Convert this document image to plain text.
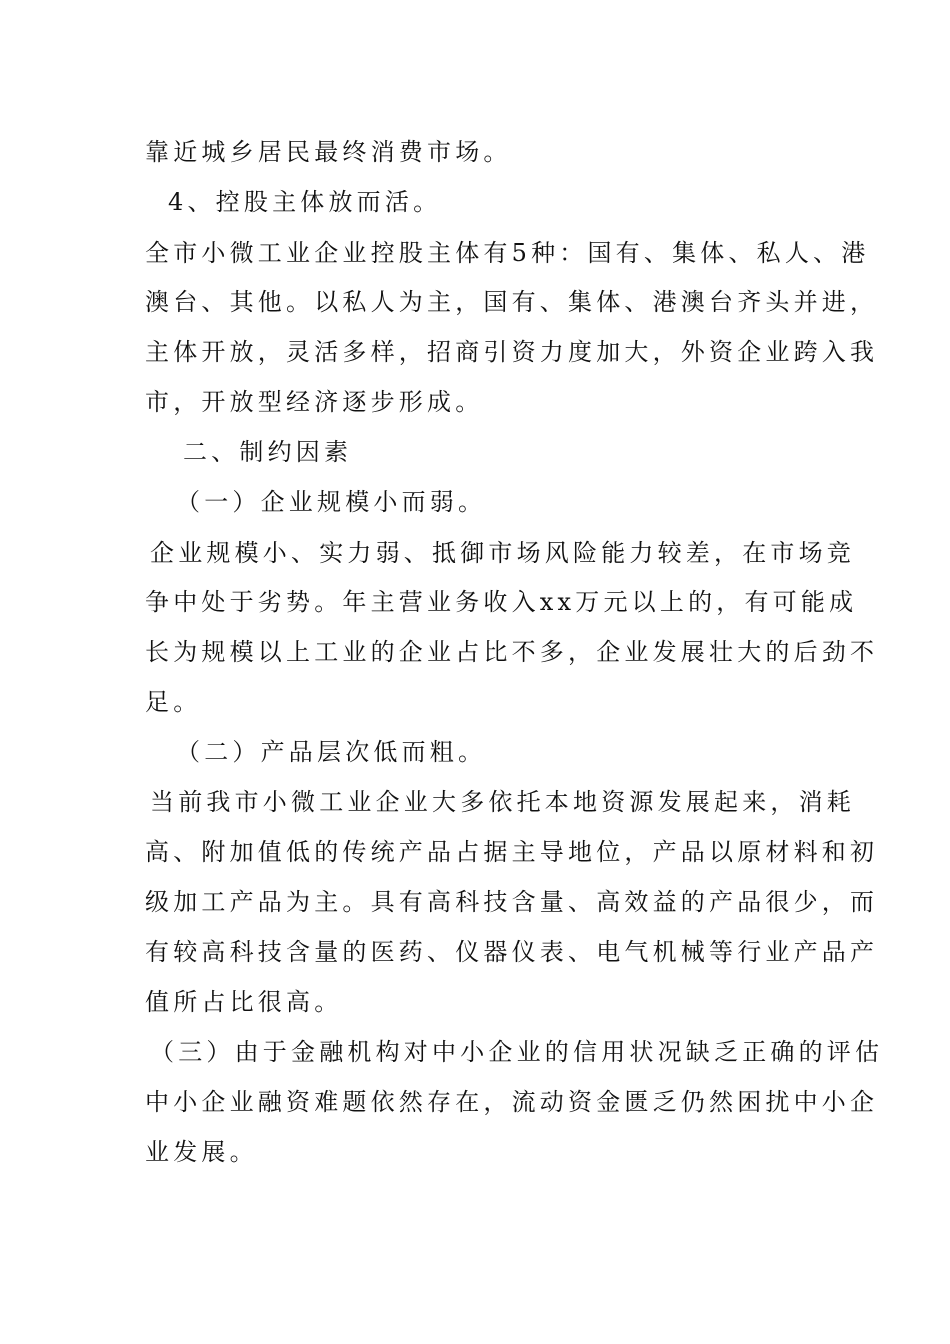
靠近城乡居民最终消费市场。
4、控股主体放而活。
全市小微工业企业控股主体有5种：国有、集体、私人、港
澳台、其他。以私人为主，国有、集体、港澳台齐头并进，
主体开放，灵活多样，招商引资力度加大，外资企业跨入我
市，开放型经济逐步形成。
二、制约因素
（一）企业规模小而弱。
企业规模小、实力弱、抵御市场风险能力较差，在市场竞
争中处于劣势。年主营业务收入xx万元以上的，有可能成
长为规模以上工业的企业占比不多，企业发展壮大的后劲不
足。
（二）产品层次低而粗。
当前我市小微工业企业大多依托本地资源发展起来，消耗
高、附加值低的传统产品占据主导地位，产品以原材料和初
级加工产品为主。具有高科技含量、高效益的产品很少，而
有较高科技含量的医药、仪器仪表、电气机械等行业产品产
值所占比很高。
（三）由于金融机构对中小企业的信用状况缺乏正确的评估
中小企业融资难题依然存在，流动资金匮乏仍然困扰中小企
业发展。
